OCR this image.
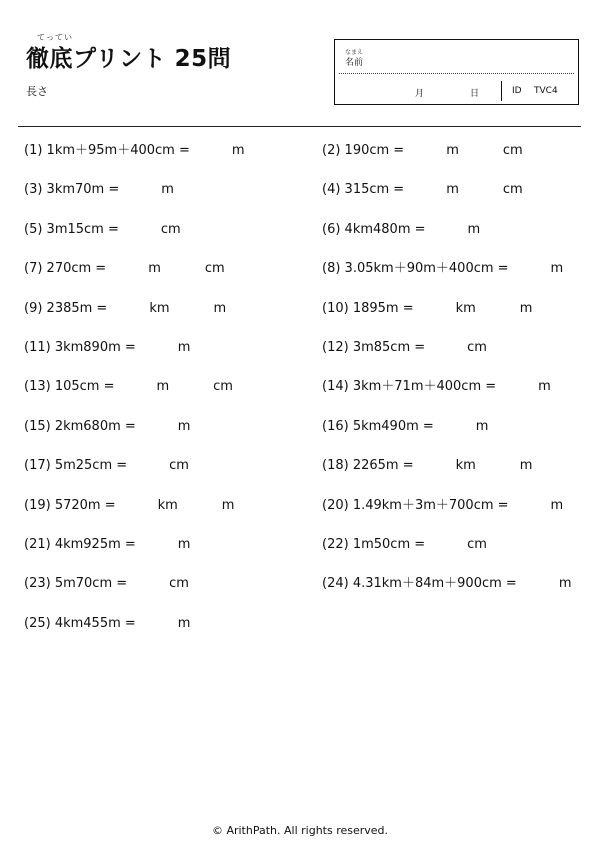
てってい
徹底プリント 25問
長さ
なまえ
名前
月	日	ID TVC4
(1) 1km＋95m＋400cm =	m	(2) 190cm =	m	cm
(3) 3km70m =	m	(4) 315cm =	m	cm
(5) 3m15cm =	cm	(6) 4km480m =	m
(7) 270cm =	m	cm	(8) 3.05km＋90m＋400cm =	m
(9) 2385m =	km	m	(10) 1895m =	km	m
(11) 3km890m =	m	(12) 3m85cm =	cm
(13) 105cm =	m	cm	(14) 3km＋71m＋400cm =	m
(15) 2km680m =	m	(16) 5km490m =	m
(17) 5m25cm =	cm	(18) 2265m =	km	m
(19) 5720m =	km	m	(20) 1.49km＋3m＋700cm =	m
(21) 4km925m =	m	(22) 1m50cm =	cm
(23) 5m70cm =	cm	(24) 4.31km＋84m＋900cm =	m
(25) 4km455m =	m
© ArithPath. All rights reserved.
